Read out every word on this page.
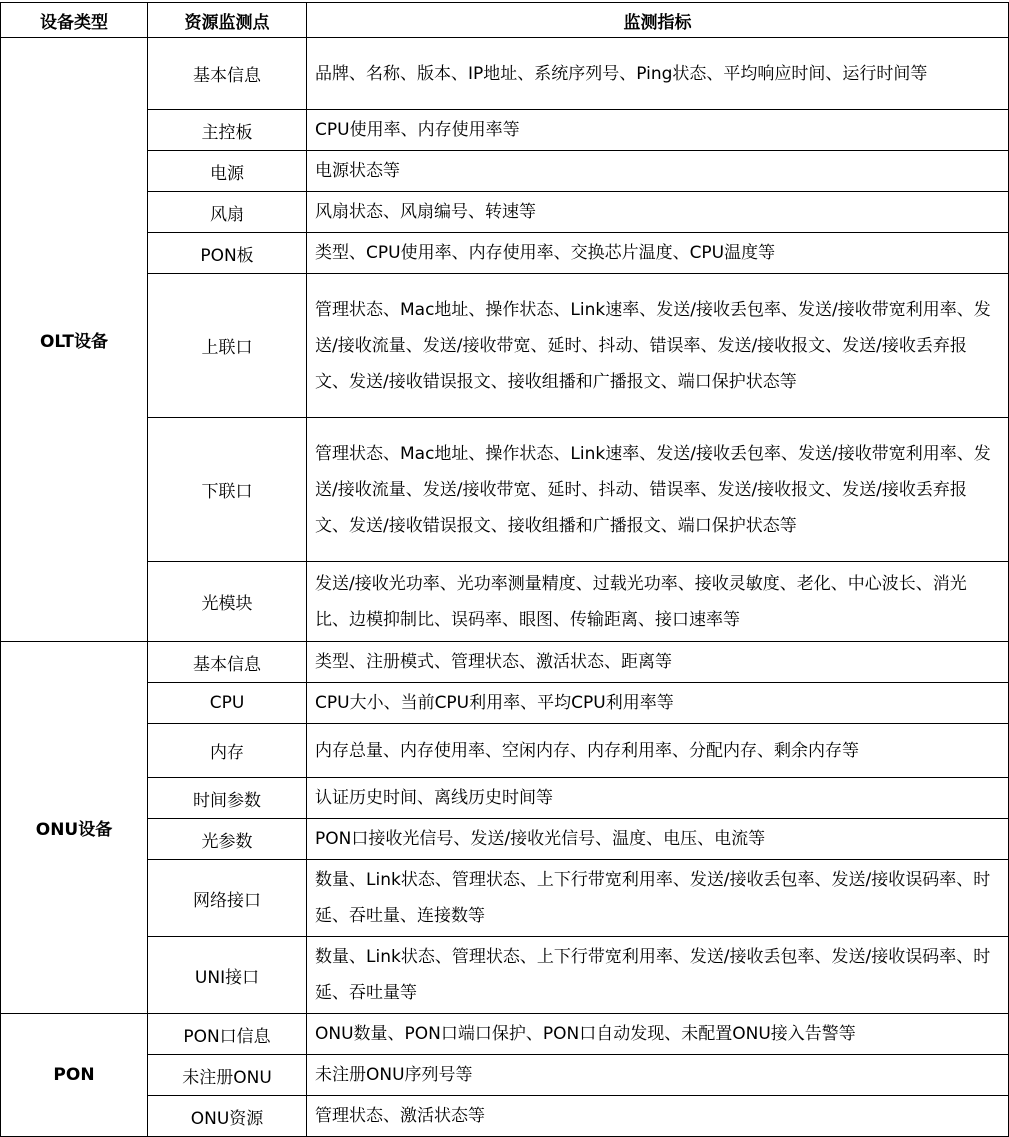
设备类型	资源监测点	监测指标
OLT设备	基本信息	品牌、名称、版本、IP地址、系统序列号、Ping状态、平均响应时间、运行时间等
	主控板	CPU使用率、内存使用率等
	电源	电源状态等
	风扇	风扇状态、风扇编号、转速等
	PON板	类型、CPU使用率、内存使用率、交换芯片温度、CPU温度等
	上联口	管理状态、Mac地址、操作状态、Link速率、发送/接收丢包率、发送/接收带宽利用率、发送/接收流量、发送/接收带宽、延时、抖动、错误率、发送/接收报文、发送/接收丢弃报文、发送/接收错误报文、接收组播和广播报文、端口保护状态等
	下联口	管理状态、Mac地址、操作状态、Link速率、发送/接收丢包率、发送/接收带宽利用率、发送/接收流量、发送/接收带宽、延时、抖动、错误率、发送/接收报文、发送/接收丢弃报文、发送/接收错误报文、接收组播和广播报文、端口保护状态等
	光模块	发送/接收光功率、光功率测量精度、过载光功率、接收灵敏度、老化、中心波长、消光比、边模抑制比、误码率、眼图、传输距离、接口速率等
ONU设备	基本信息	类型、注册模式、管理状态、激活状态、距离等
	CPU	CPU大小、当前CPU利用率、平均CPU利用率等
	内存	内存总量、内存使用率、空闲内存、内存利用率、分配内存、剩余内存等
	时间参数	认证历史时间、离线历史时间等
	光参数	PON口接收光信号、发送/接收光信号、温度、电压、电流等
	网络接口	数量、Link状态、管理状态、上下行带宽利用率、发送/接收丢包率、发送/接收误码率、时延、吞吐量、连接数等
	UNI接口	数量、Link状态、管理状态、上下行带宽利用率、发送/接收丢包率、发送/接收误码率、时延、吞吐量等
PON	PON口信息	ONU数量、PON口端口保护、PON口自动发现、未配置ONU接入告警等
	未注册ONU	未注册ONU序列号等
	ONU资源	管理状态、激活状态等
